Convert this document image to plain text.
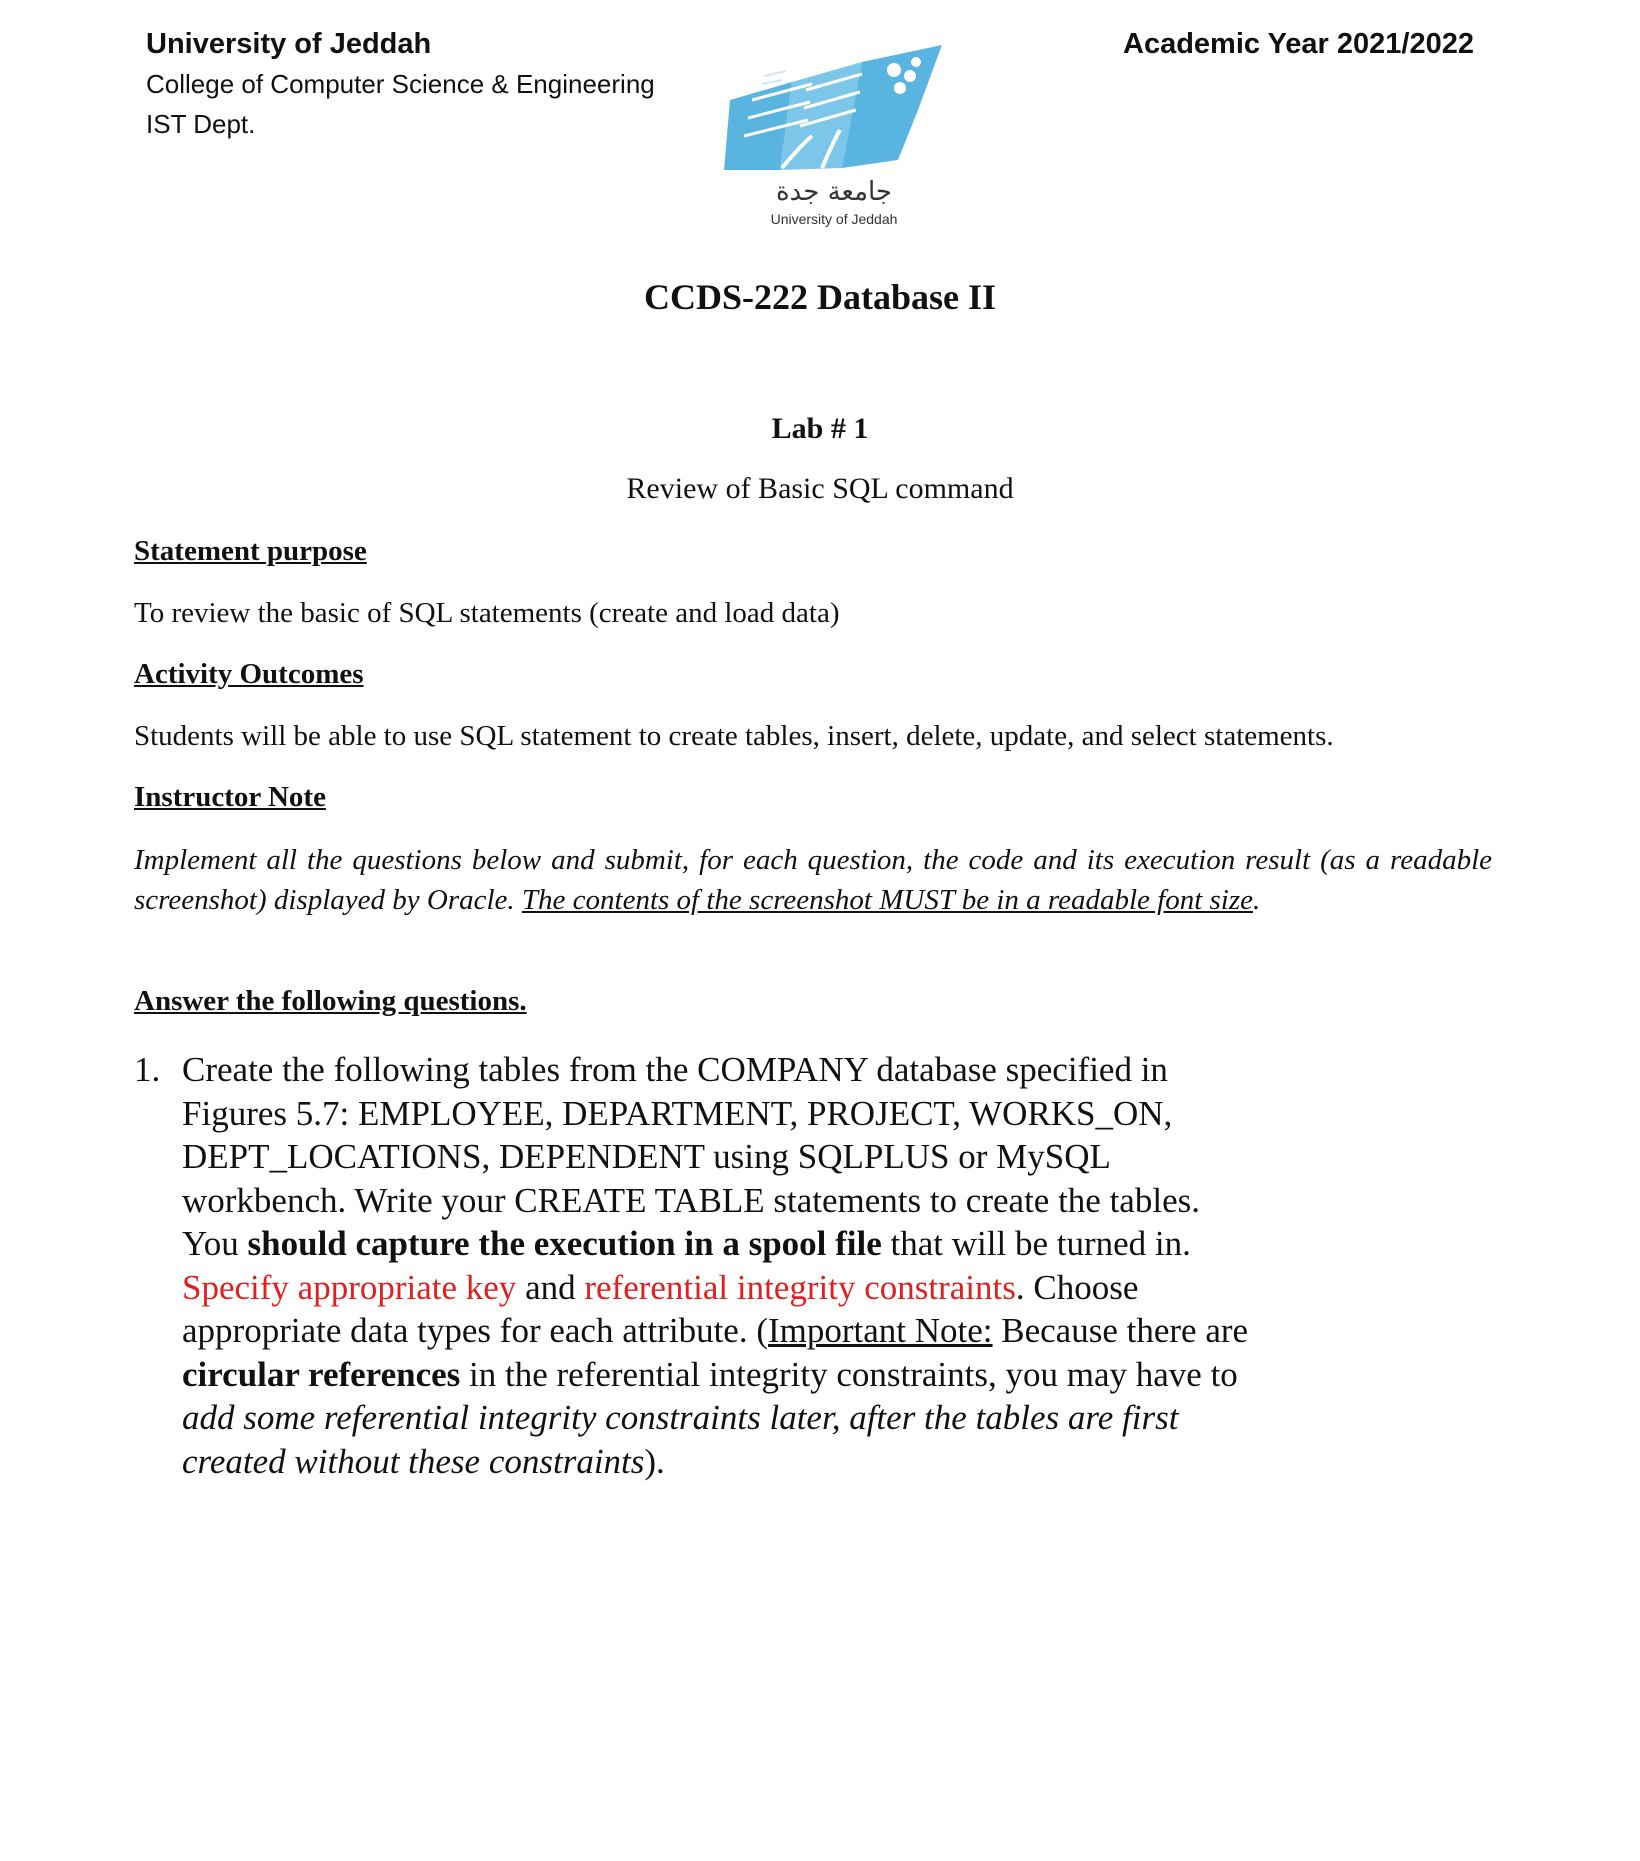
University of Jeddah
College of Computer Science & Engineering
IST Dept.
Academic Year 2021/2022
جامعة جدة
University of Jeddah
CCDS-222 Database II
Lab # 1
Review of Basic SQL command
Statement purpose
To review the basic of SQL statements (create and load data)
Activity Outcomes
Students will be able to use SQL statement to create tables, insert, delete, update, and select statements.
Instructor Note
Implement all the questions below and submit, for each question, the code and its execution result (as a readable screenshot) displayed by Oracle. The contents of the screenshot MUST be in a readable font size.
Answer the following questions.
1. Create the following tables from the COMPANY database specified in
Figures 5.7: EMPLOYEE, DEPARTMENT, PROJECT, WORKS_ON,
DEPT_LOCATIONS, DEPENDENT using SQLPLUS or MySQL
workbench. Write your CREATE TABLE statements to create the tables.
You should capture the execution in a spool file that will be turned in.
Specify appropriate key and referential integrity constraints. Choose
appropriate data types for each attribute. (Important Note: Because there are
circular references in the referential integrity constraints, you may have to
add some referential integrity constraints later, after the tables are first
created without these constraints).
